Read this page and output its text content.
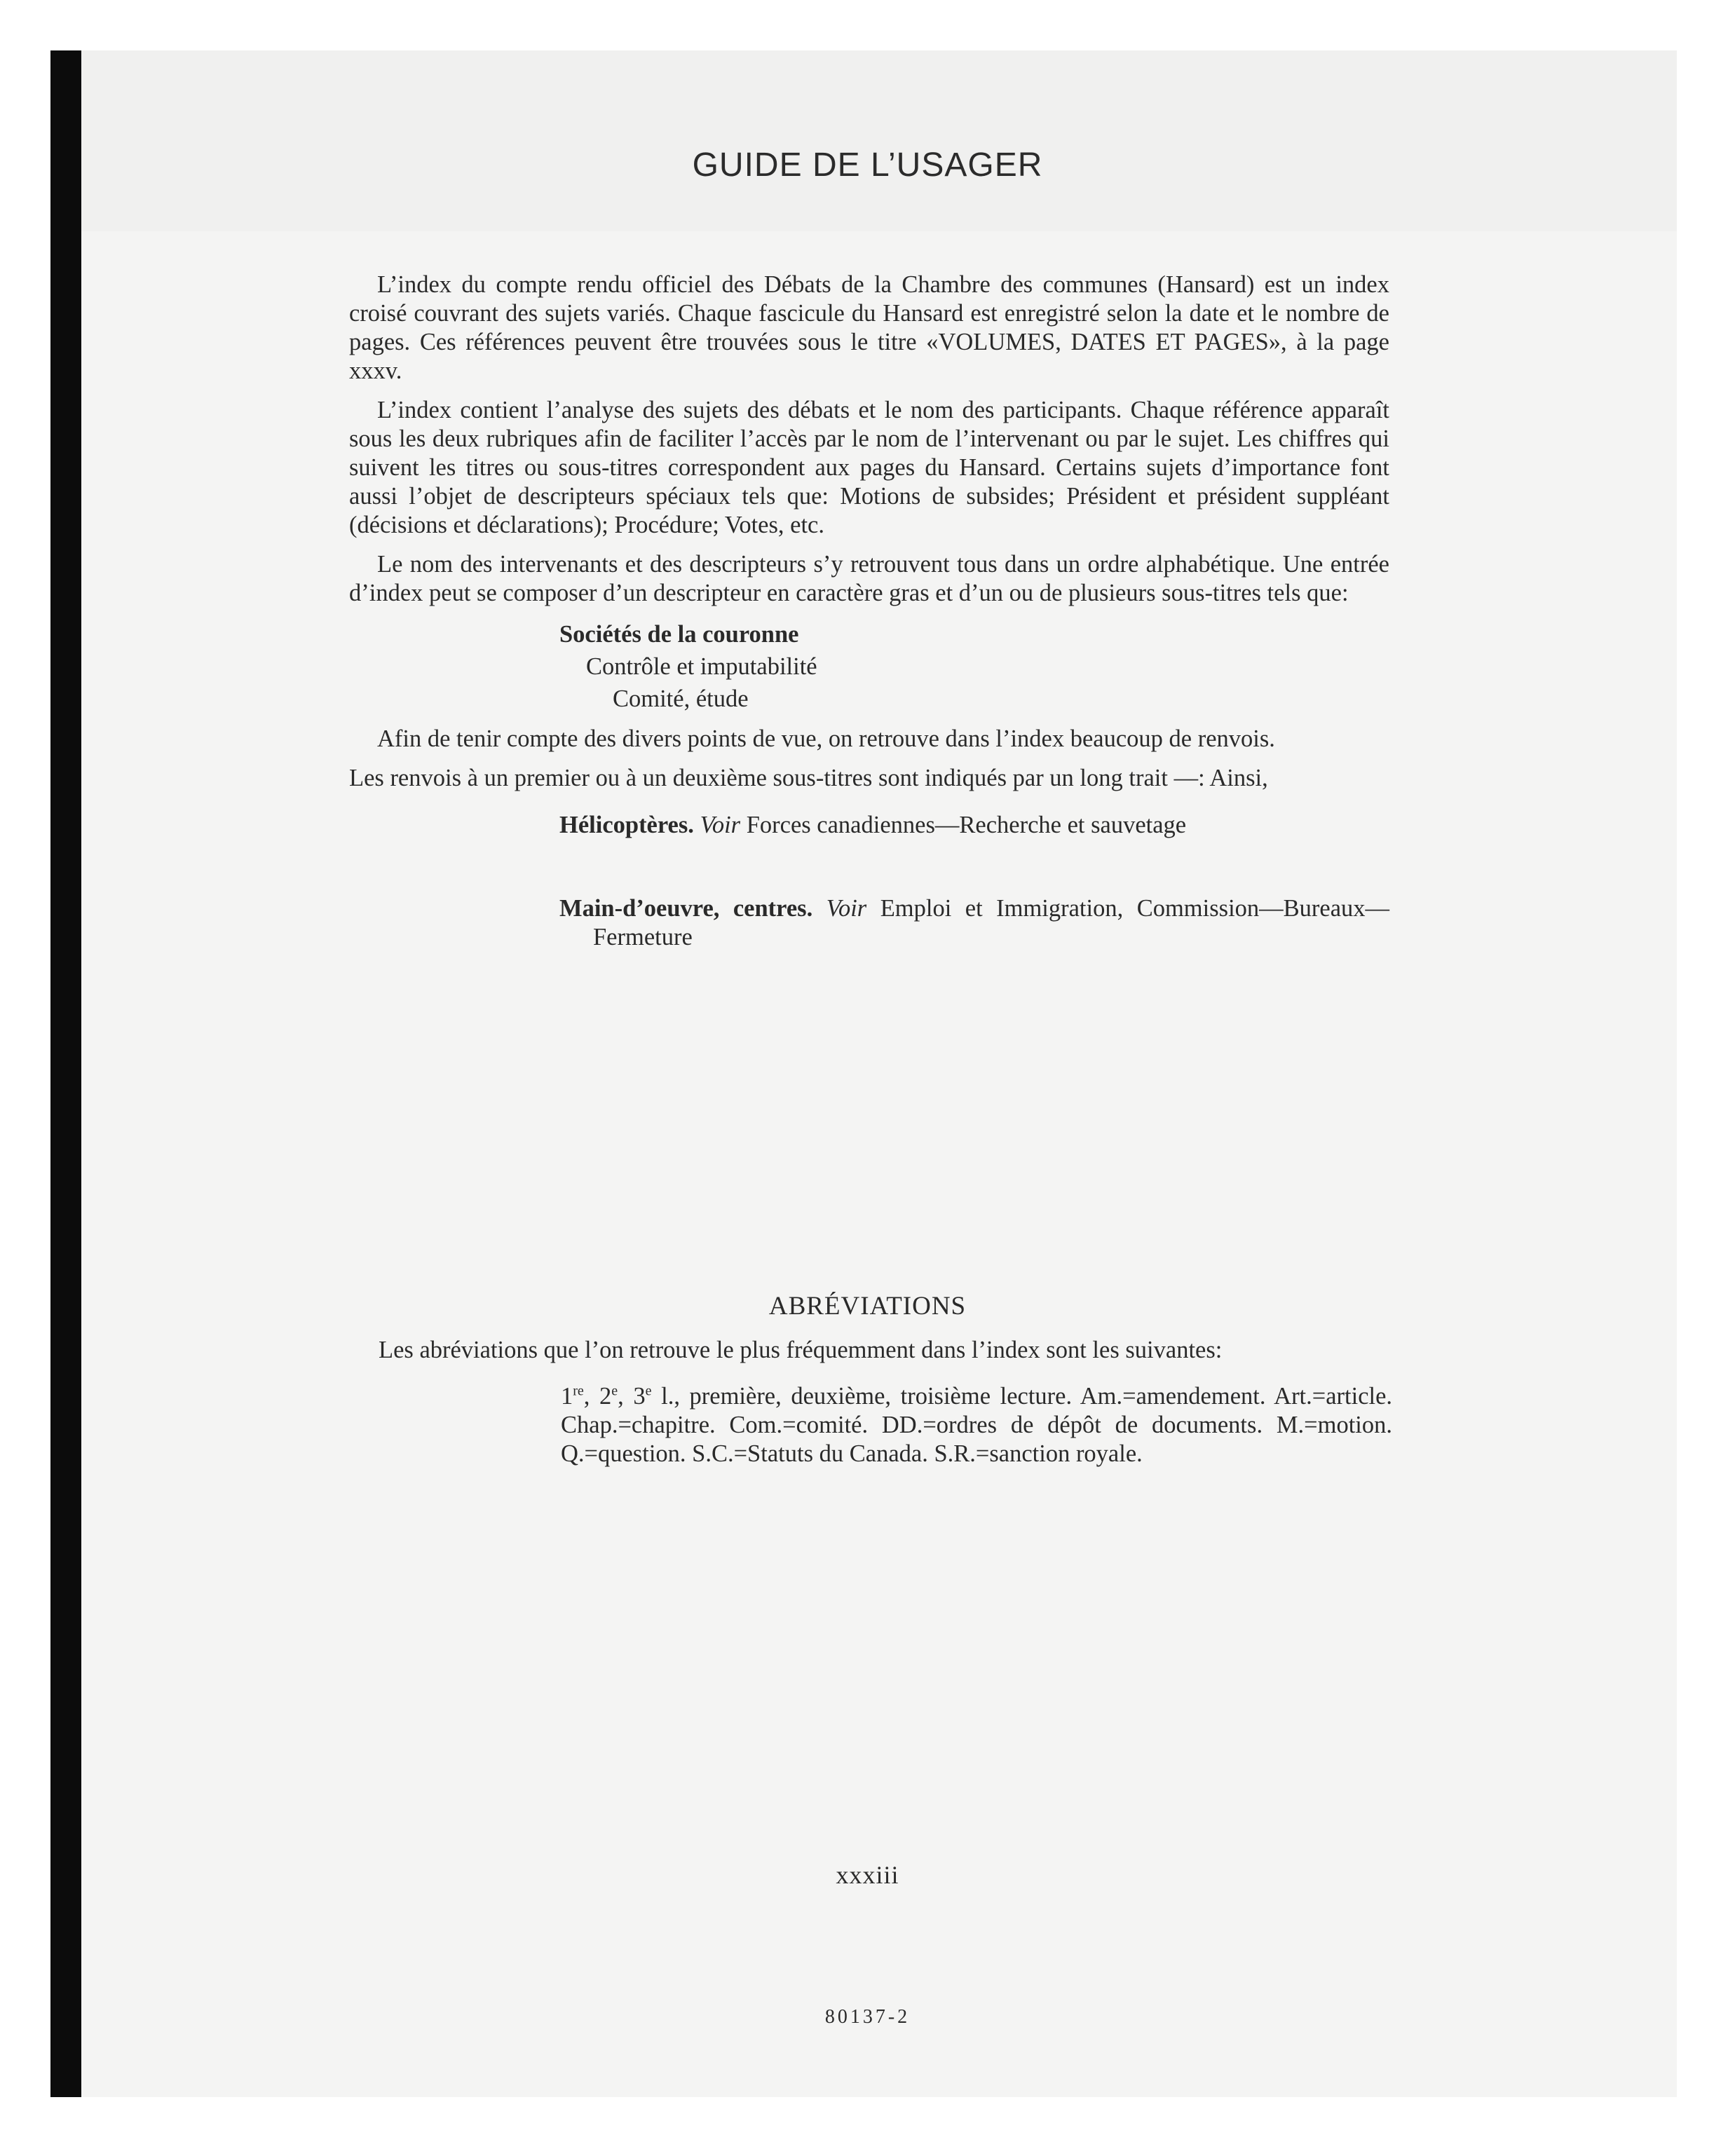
GUIDE DE L’USAGER

L’index du compte rendu officiel des Débats de la Chambre des communes (Hansard) est un index croisé couvrant des sujets variés. Chaque fascicule du Hansard est enregistré selon la date et le nombre de pages. Ces références peuvent être trouvées sous le titre «VOLUMES, DATES ET PAGES», à la page xxxv.

L’index contient l’analyse des sujets des débats et le nom des participants. Chaque référence apparaît sous les deux rubriques afin de faciliter l’accès par le nom de l’intervenant ou par le sujet. Les chiffres qui suivent les titres ou sous-titres correspondent aux pages du Hansard. Certains sujets d’importance font aussi l’objet de descripteurs spéciaux tels que: Motions de subsides; Président et président suppléant (décisions et déclarations); Procédure; Votes, etc.

Le nom des intervenants et des descripteurs s’y retrouvent tous dans un ordre alphabétique. Une entrée d’index peut se composer d’un descripteur en caractère gras et d’un ou de plusieurs sous-titres tels que:

Sociétés de la couronne
Contrôle et imputabilité
Comité, étude

Afin de tenir compte des divers points de vue, on retrouve dans l’index beaucoup de renvois.

Les renvois à un premier ou à un deuxième sous-titres sont indiqués par un long trait —: Ainsi,

Hélicoptères. Voir Forces canadiennes—Recherche et sauvetage
Main-d’oeuvre, centres. Voir Emploi et Immigration, Commission—Bureaux—Fermeture
ABRÉVIATIONS
Les abréviations que l’on retrouve le plus fréquemment dans l’index sont les suivantes:
1re, 2e, 3e l., première, deuxième, troisième lecture. Am.=amendement. Art.=article. Chap.=chapitre. Com.=comité. DD.=ordres de dépôt de documents. M.=motion. Q.=question. S.C.=Statuts du Canada. S.R.=sanction royale.
xxxiii
80137-2
